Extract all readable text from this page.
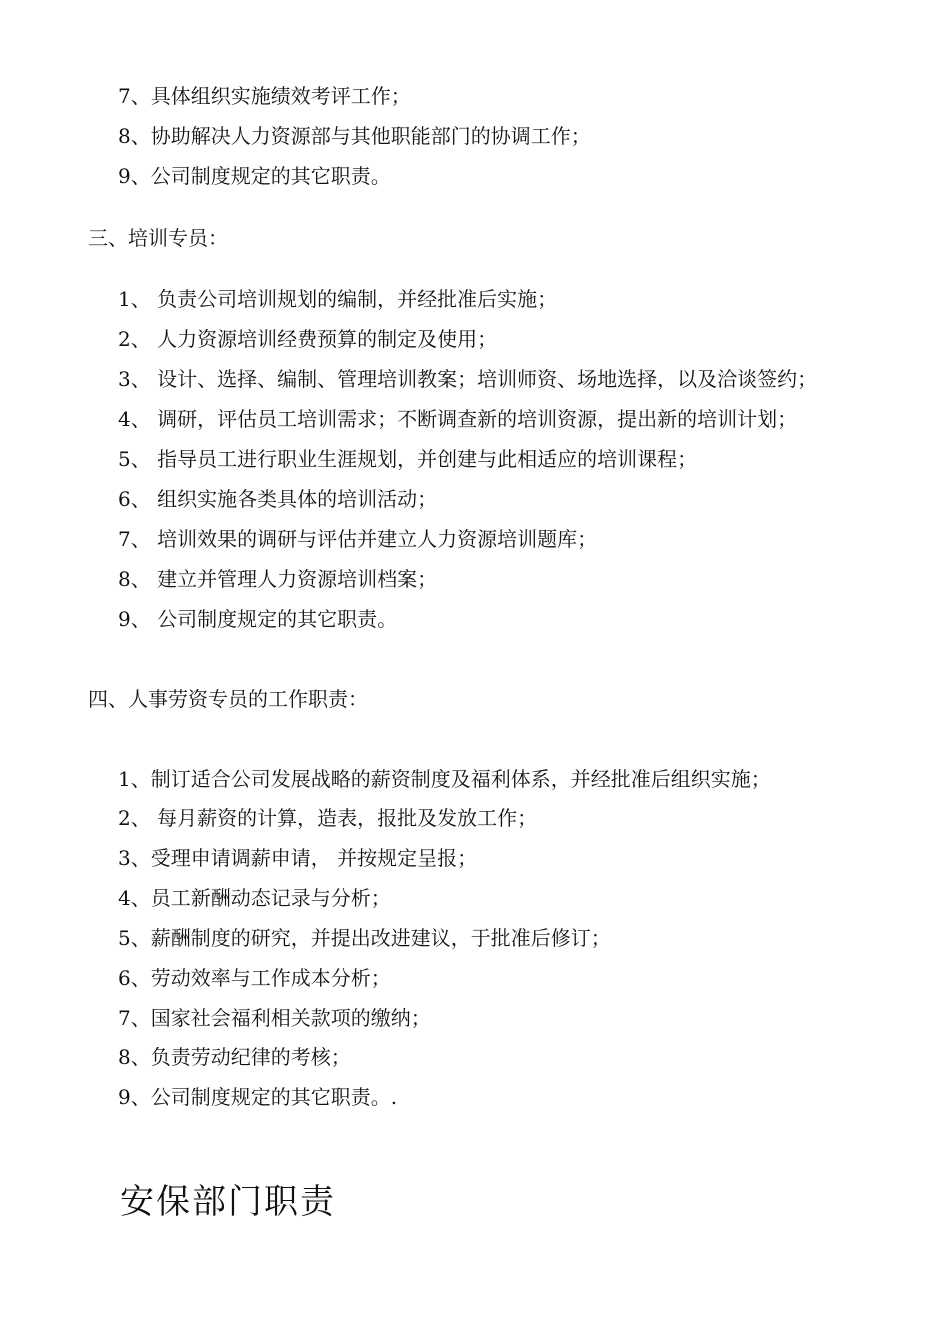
7、具体组织实施绩效考评工作；
8、协助解决人力资源部与其他职能部门的协调工作；
9、公司制度规定的其它职责。
三、培训专员：
1、 负责公司培训规划的编制，并经批准后实施；
2、 人力资源培训经费预算的制定及使用；
3、 设计、选择、编制、管理培训教案；培训师资、场地选择，以及洽谈签约；
4、 调研，评估员工培训需求；不断调查新的培训资源，提出新的培训计划；
5、 指导员工进行职业生涯规划，并创建与此相适应的培训课程；
6、 组织实施各类具体的培训活动；
7、 培训效果的调研与评估并建立人力资源培训题库；
8、 建立并管理人力资源培训档案；
9、 公司制度规定的其它职责。
四、人事劳资专员的工作职责：
1、制订适合公司发展战略的薪资制度及福利体系，并经批准后组织实施；
2、 每月薪资的计算，造表，报批及发放工作；
3、受理申请调薪申请， 并按规定呈报；
4、员工新酬动态记录与分析；
5、薪酬制度的研究，并提出改进建议，于批准后修订；
6、劳动效率与工作成本分析；
7、国家社会福利相关款项的缴纳；
8、负责劳动纪律的考核；
9、公司制度规定的其它职责。.
安保部门职责
